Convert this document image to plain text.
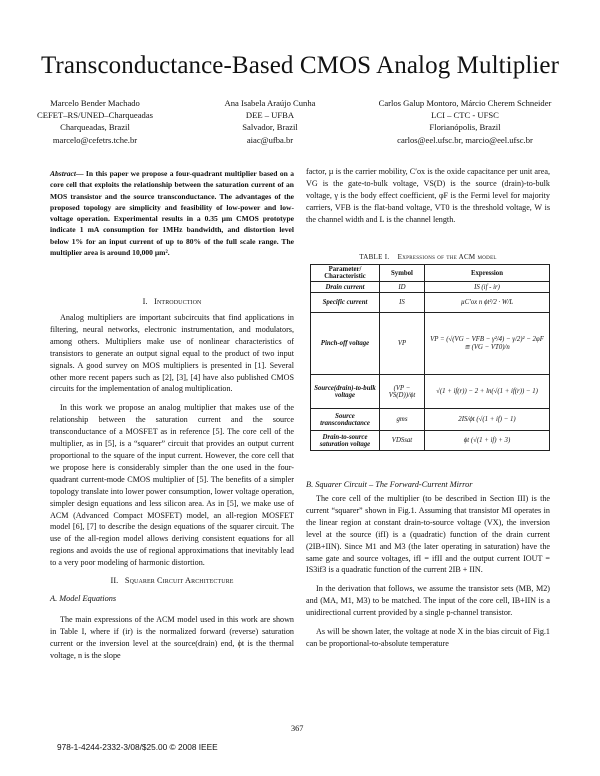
Transconductance-Based CMOS Analog Multiplier
Marcelo Bender Machado
CEFET–RS/UNED–Charqueadas
Charqueadas, Brazil
marcelo@cefetrs.tche.br
Ana Isabela Araújo Cunha
DEE – UFBA
Salvador, Brazil
aiac@ufba.br
Carlos Galup Montoro, Márcio Cherem Schneider
LCI – CTC - UFSC
Florianópolis, Brazil
carlos@eel.ufsc.br, marcio@eel.ufsc.br

Abstract— In this paper we propose a four-quadrant multiplier based on a core cell that exploits the relationship between the saturation current of an MOS transistor and the source transconductance. The advantages of the proposed topology are simplicity and feasibility of low-power and low-voltage operation. Experimental results in a 0.35 µm CMOS prototype indicate 1 mA consumption for 1MHz bandwidth, and distortion level below 1% for an input current of up to 80% of the full scale range. The multiplier area is around 10,000 µm².

I. Introduction

Analog multipliers are important subcircuits that find applications in filtering, neural networks, electronic instrumentation, and modulators, among others. Multipliers make use of nonlinear characteristics of transistors to generate an output signal equal to the product of two input signals. A good survey on MOS multipliers is presented in [1]. Several other more recent papers such as [2], [3], [4] have also published CMOS circuits for the implementation of analog multiplication.

In this work we propose an analog multiplier that makes use of the relationship between the saturation current and the source transconductance of a MOSFET as in reference [5]. The core cell of the multiplier, as in [5], is a “squarer” circuit that provides an output current proportional to the square of the input current. However, the core cell that we propose here is considerably simpler than the one used in the four-quadrant current-mode CMOS multiplier of [5]. The benefits of a simpler topology translate into lower power consumption, lower voltage operation, simpler design equations and less silicon area. As in [5], we make use of ACM (Advanced Compact MOSFET) model, an all-region MOSFET model [6], [7] to describe the design equations of the squarer circuit. The use of the all-region model allows deriving consistent equations for all regions and avoids the use of regional approximations that inevitably lead to a very poor modeling of harmonic distortion.

II. Squarer Circuit Architecture
A. Model Equations

The main expressions of the ACM model used in this work are shown in Table I, where if (ir) is the normalized forward (reverse) saturation current or the inversion level at the source(drain) end, ϕt is the thermal voltage, n is the slope

factor, µ is the carrier mobility, C′ox is the oxide capacitance per unit area, VG is the gate-to-bulk voltage, VS(D) is the source (drain)-to-bulk voltage, γ is the body effect coefficient, φF is the Fermi level for majority carriers, VFB is the flat-band voltage, VT0 is the threshold voltage, W is the channel width and L is the channel length.

TABLE I. Expressions of the ACM model
Parameter/ Characteristic	Symbol	Expression
Drain current	ID	IS (if - ir)
Specific current	IS	µC′ox n ϕt²/2 · W/L
Pinch-off voltage	VP	VP = (√(VG − VFB − γ²/4) − γ/2)² − 2φF ≅ (VG − VT0)/n
Source(drain)-to-bulk voltage	(VP − VS(D))/ϕt	√(1 + if(r)) − 2 + ln(√(1 + if(r)) − 1)
Source transconductance	gms	2IS/ϕt (√(1 + if) − 1)
Drain-to-source saturation voltage	VDSsat	ϕt (√(1 + if) + 3)
B. Squarer Circuit – The Forward-Current Mirror

The core cell of the multiplier (to be described in Section III) is the current “squarer” shown in Fig.1. Assuming that transistor MI operates in the linear region at constant drain-to-source voltage (VX), the inversion level at the source (ifI) is a (quadratic) function of the drain current (2IB+IIN). Since M1 and M3 (the later operating in saturation) have the same gate and source voltages, ifI = ifII and the output current IOUT = IS3if3 is a quadratic function of the current 2IB + IIN.

In the derivation that follows, we assume the transistor sets (MB, M2) and (MA, M1, M3) to be matched. The input of the core cell, IB+IIN is a unidirectional current provided by a single p-channel transistor.

As will be shown later, the voltage at node X in the bias circuit of Fig.1 can be proportional-to-absolute temperature

367
978-1-4244-2332-3/08/$25.00 © 2008 IEEE
